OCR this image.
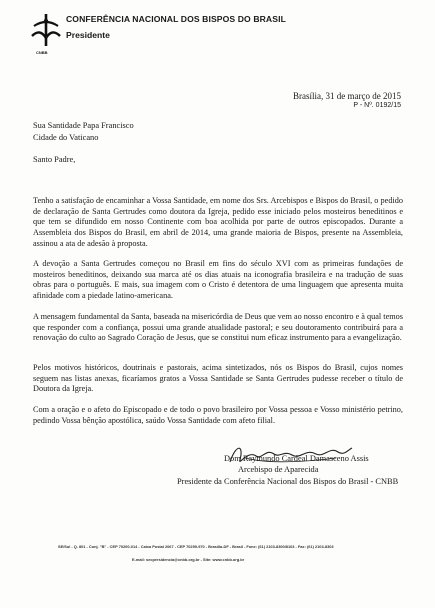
CNBB
CONFERÊNCIA NACIONAL DOS BISPOS DO BRASIL
Presidente
Brasília, 31 de março de 2015
P - Nº. 0192/15
Sua Santidade Papa Francisco
Cidade do Vaticano
Santo Padre,

Tenho a satisfação de encaminhar a Vossa Santidade, em nome dos Srs. Arcebispos e Bispos do Brasil, o pedido de declaração de Santa Gertrudes como doutora da Igreja, pedido esse iniciado pelos mosteiros beneditinos e que tem se difundido em nosso Continente com boa acolhida por parte de outros episcopados. Durante a Assembleia dos Bispos do Brasil, em abril de 2014, uma grande maioria de Bispos, presente na Assembleia, assinou a ata de adesão à proposta.

A devoção a Santa Gertrudes começou no Brasil em fins do século XVI com as primeiras fundações de mosteiros beneditinos, deixando sua marca até os dias atuais na iconografia brasileira e na tradução de suas obras para o português. E mais, sua imagem com o Cristo é detentora de uma linguagem que apresenta muita afinidade com a piedade latino-americana.

A mensagem fundamental da Santa, baseada na misericórdia de Deus que vem ao nosso encontro e à qual temos que responder com a confiança, possui uma grande atualidade pastoral; e seu doutoramento contribuirá para a renovação do culto ao Sagrado Coração de Jesus, que se constitui num eficaz instrumento para a evangelização.

Pelos motivos históricos, doutrinais e pastorais, acima sintetizados, nós os Bispos do Brasil, cujos nomes seguem nas listas anexas, ficaríamos gratos a Vossa Santidade se Santa Gertrudes pudesse receber o título de Doutora da Igreja.

Com a oração e o afeto do Episcopado e de todo o povo brasileiro por Vossa pessoa e Vosso ministério petrino, pedindo Vossa bênção apostólica, saúdo Vossa Santidade com afeto filial.

Dom Raymundo Cardeal Damasceno Assis
Arcebispo de Aparecida
Presidente da Conferência Nacional dos Bispos do Brasil - CNBB
SE/Sul - Q. 801 - Conj. "B" - CEP 70200-014 - Caixa Postal 2067 - CEP 70259-970 - Brasília-DF - Brasil - Fone: (61) 2103-8300/8103 - Fax: (61) 2103-8303
E-mail: secpresidencia@cnbb.org.br - Site: www.cnbb.org.br
